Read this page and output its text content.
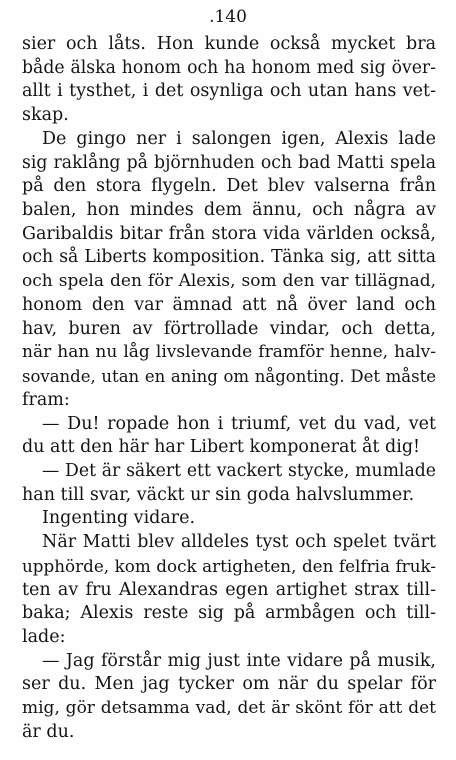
.140
sier och låts. Hon kunde också mycket bra
både älska honom och ha honom med sig över-
allt i tysthet, i det osynliga och utan hans vet-
skap.
De gingo ner i salongen igen, Alexis lade
sig raklång på björnhuden och bad Matti spela
på den stora flygeln. Det blev valserna från
balen, hon mindes dem ännu, och några av
Garibaldis bitar från stora vida världen också,
och så Liberts komposition. Tänka sig, att sitta
och spela den för Alexis, som den var tillägnad,
honom den var ämnad att nå över land och
hav, buren av förtrollade vindar, och detta,
när han nu låg livslevande framför henne, halv-
sovande, utan en aning om någonting. Det måste
fram:
— Du! ropade hon i triumf, vet du vad, vet
du att den här har Libert komponerat åt dig!
— Det är säkert ett vackert stycke, mumlade
han till svar, väckt ur sin goda halvslummer.
Ingenting vidare.
När Matti blev alldeles tyst och spelet tvärt
upphörde, kom dock artigheten, den felfria fruk-
ten av fru Alexandras egen artighet strax till-
baka; Alexis reste sig på armbågen och till-
lade:
— Jag förstår mig just inte vidare på musik,
ser du. Men jag tycker om när du spelar för
mig, gör detsamma vad, det är skönt för att det
är du.
